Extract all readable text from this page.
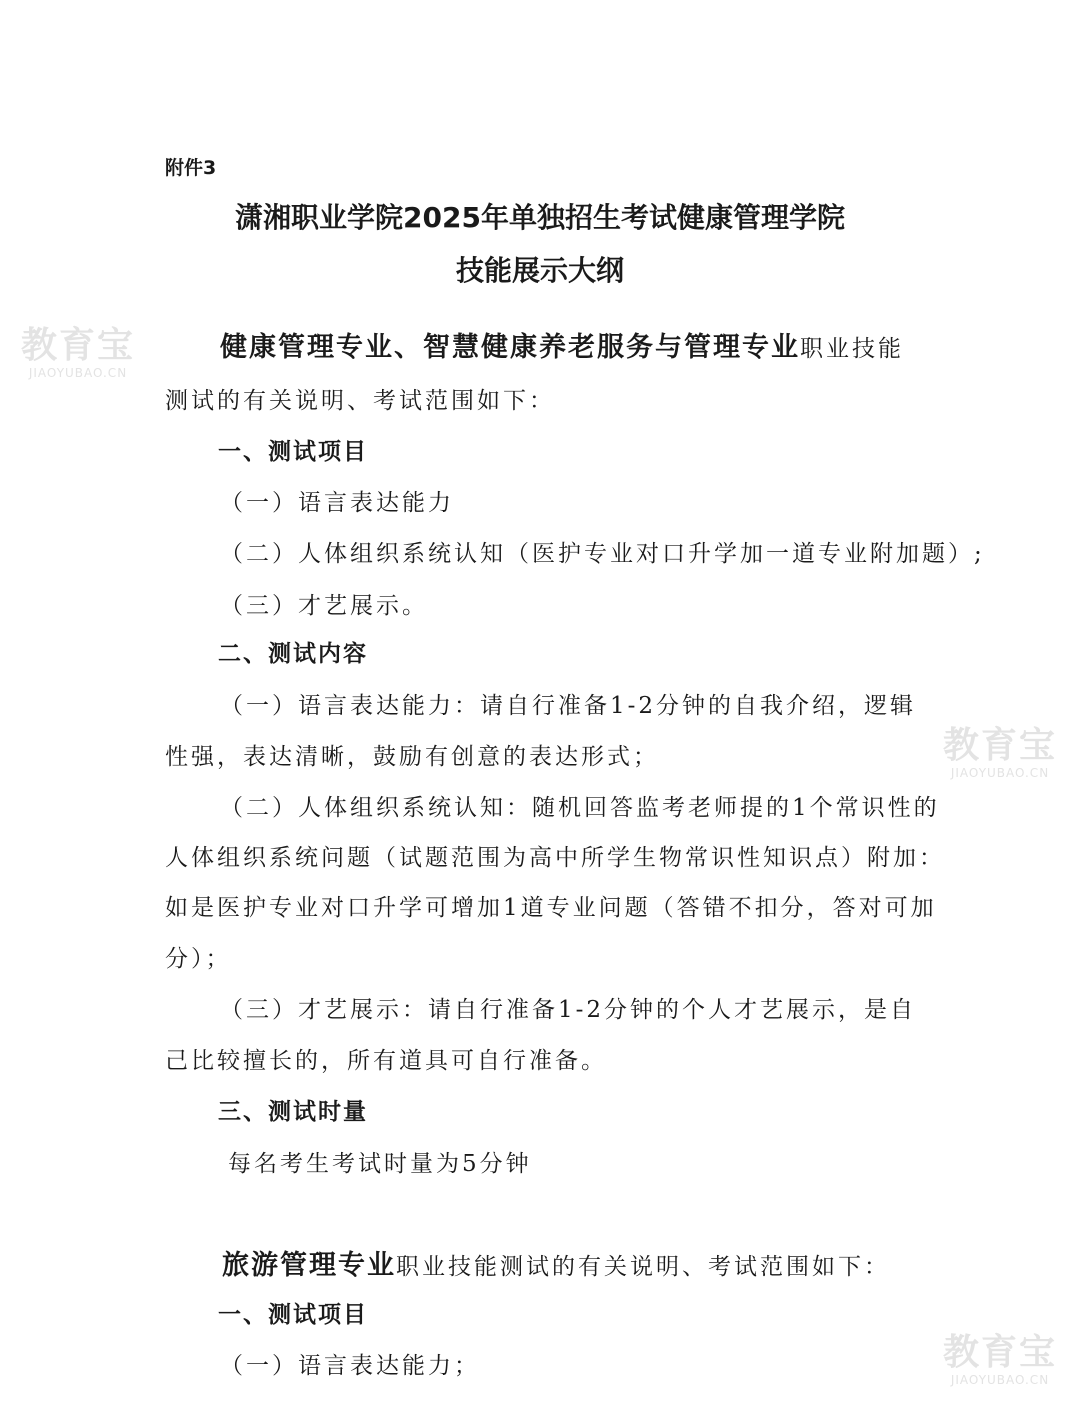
教育宝
JIAOYUBAO.CN
教育宝
JIAOYUBAO.CN
教育宝
JIAOYUBAO.CN
附件3
潇湘职业学院2025年单独招生考试健康管理学院
技能展示大纲
健康管理专业、智慧健康养老服务与管理专业职业技能
测试的有关说明、考试范围如下：
一、测试项目
（一）语言表达能力
（二）人体组织系统认知（医护专业对口升学加一道专业附加题）;
（三）才艺展示。
二、测试内容
（一）语言表达能力：请自行准备1-2分钟的自我介绍，逻辑
性强，表达清晰，鼓励有创意的表达形式；
（二）人体组织系统认知：随机回答监考老师提的1个常识性的
人体组织系统问题（试题范围为高中所学生物常识性知识点）附加：
如是医护专业对口升学可增加1道专业问题（答错不扣分，答对可加
分）；
（三）才艺展示：请自行准备1-2分钟的个人才艺展示，是自
己比较擅长的，所有道具可自行准备。
三、测试时量
每名考生考试时量为5分钟
旅游管理专业职业技能测试的有关说明、考试范围如下：
一、测试项目
（一）语言表达能力；
